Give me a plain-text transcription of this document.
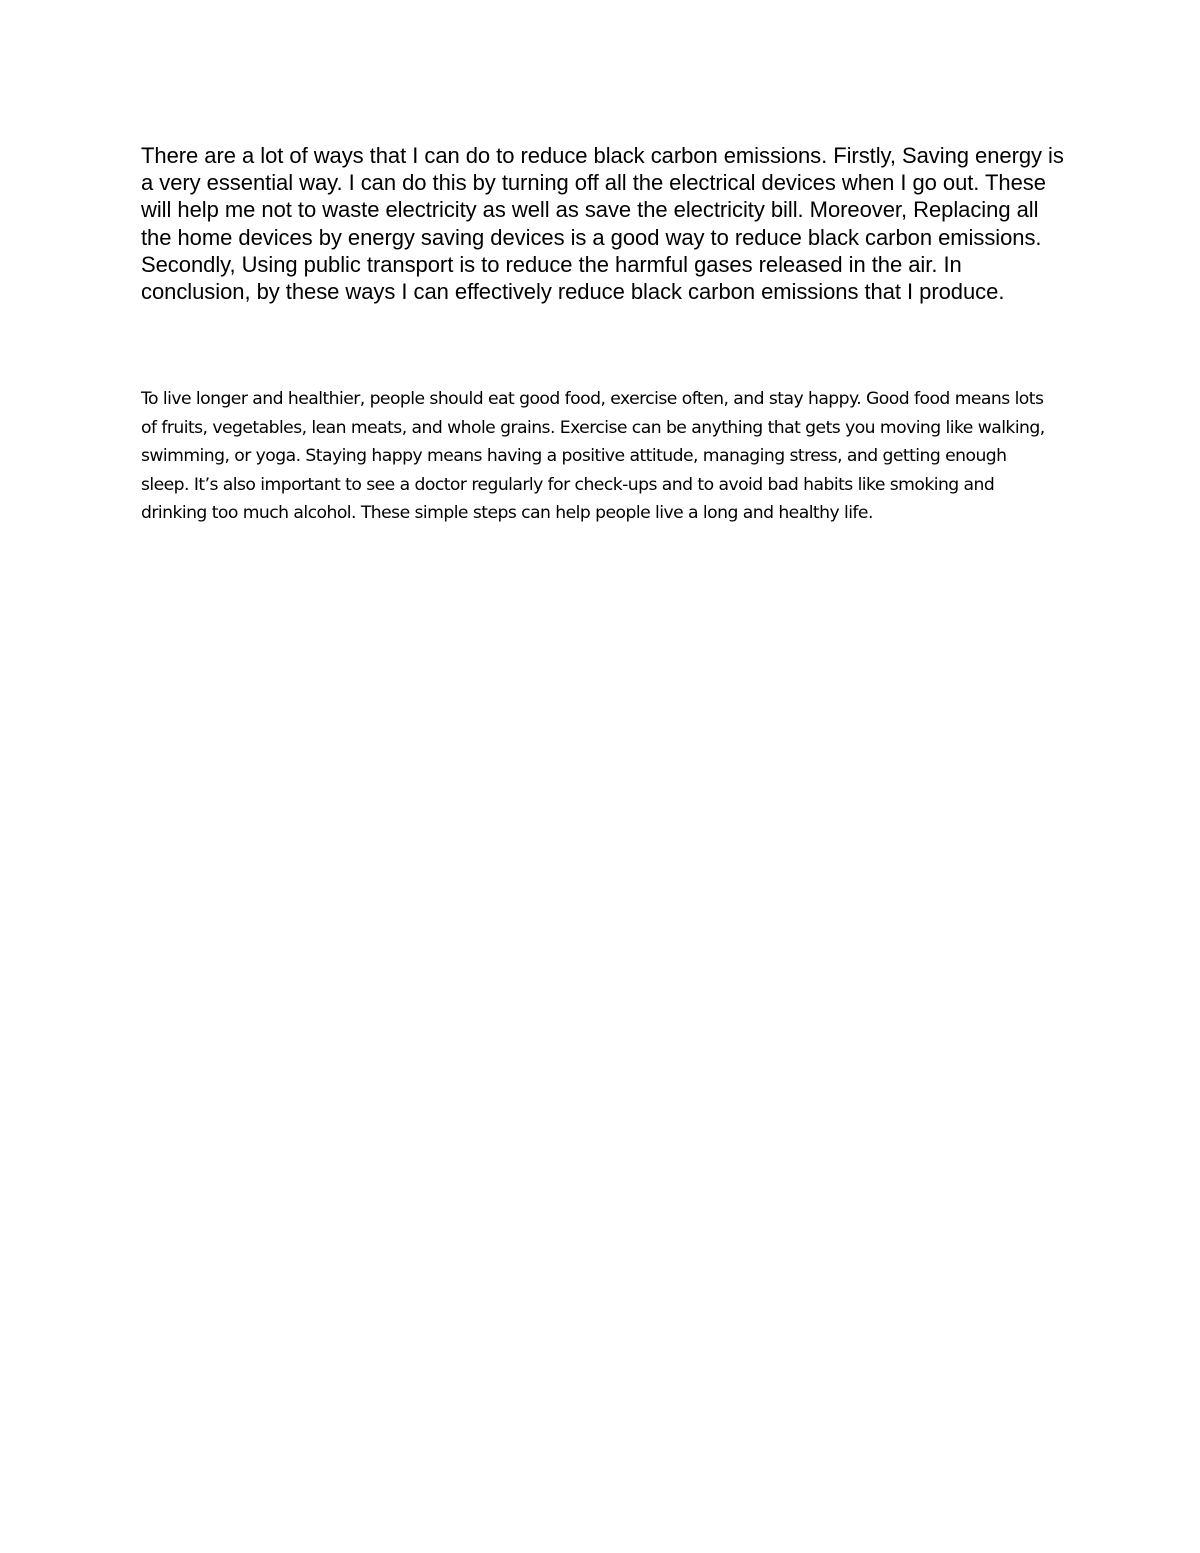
There are a lot of ways that I can do to reduce black carbon emissions. Firstly, Saving energy is a very essential way. I can do this by turning off all the electrical devices when I go out. These will help me not to waste electricity as well as save the electricity bill. Moreover, Replacing all the home devices by energy saving devices is a good way to reduce black carbon emissions. Secondly, Using public transport is to reduce the harmful gases released in the air. In conclusion, by these ways I can effectively reduce black carbon emissions that I produce.

To live longer and healthier, people should eat good food, exercise often, and stay happy. Good food means lots of fruits, vegetables, lean meats, and whole grains. Exercise can be anything that gets you moving like walking, swimming, or yoga. Staying happy means having a positive attitude, managing stress, and getting enough sleep. It’s also important to see a doctor regularly for check-ups and to avoid bad habits like smoking and drinking too much alcohol. These simple steps can help people live a long and healthy life.
